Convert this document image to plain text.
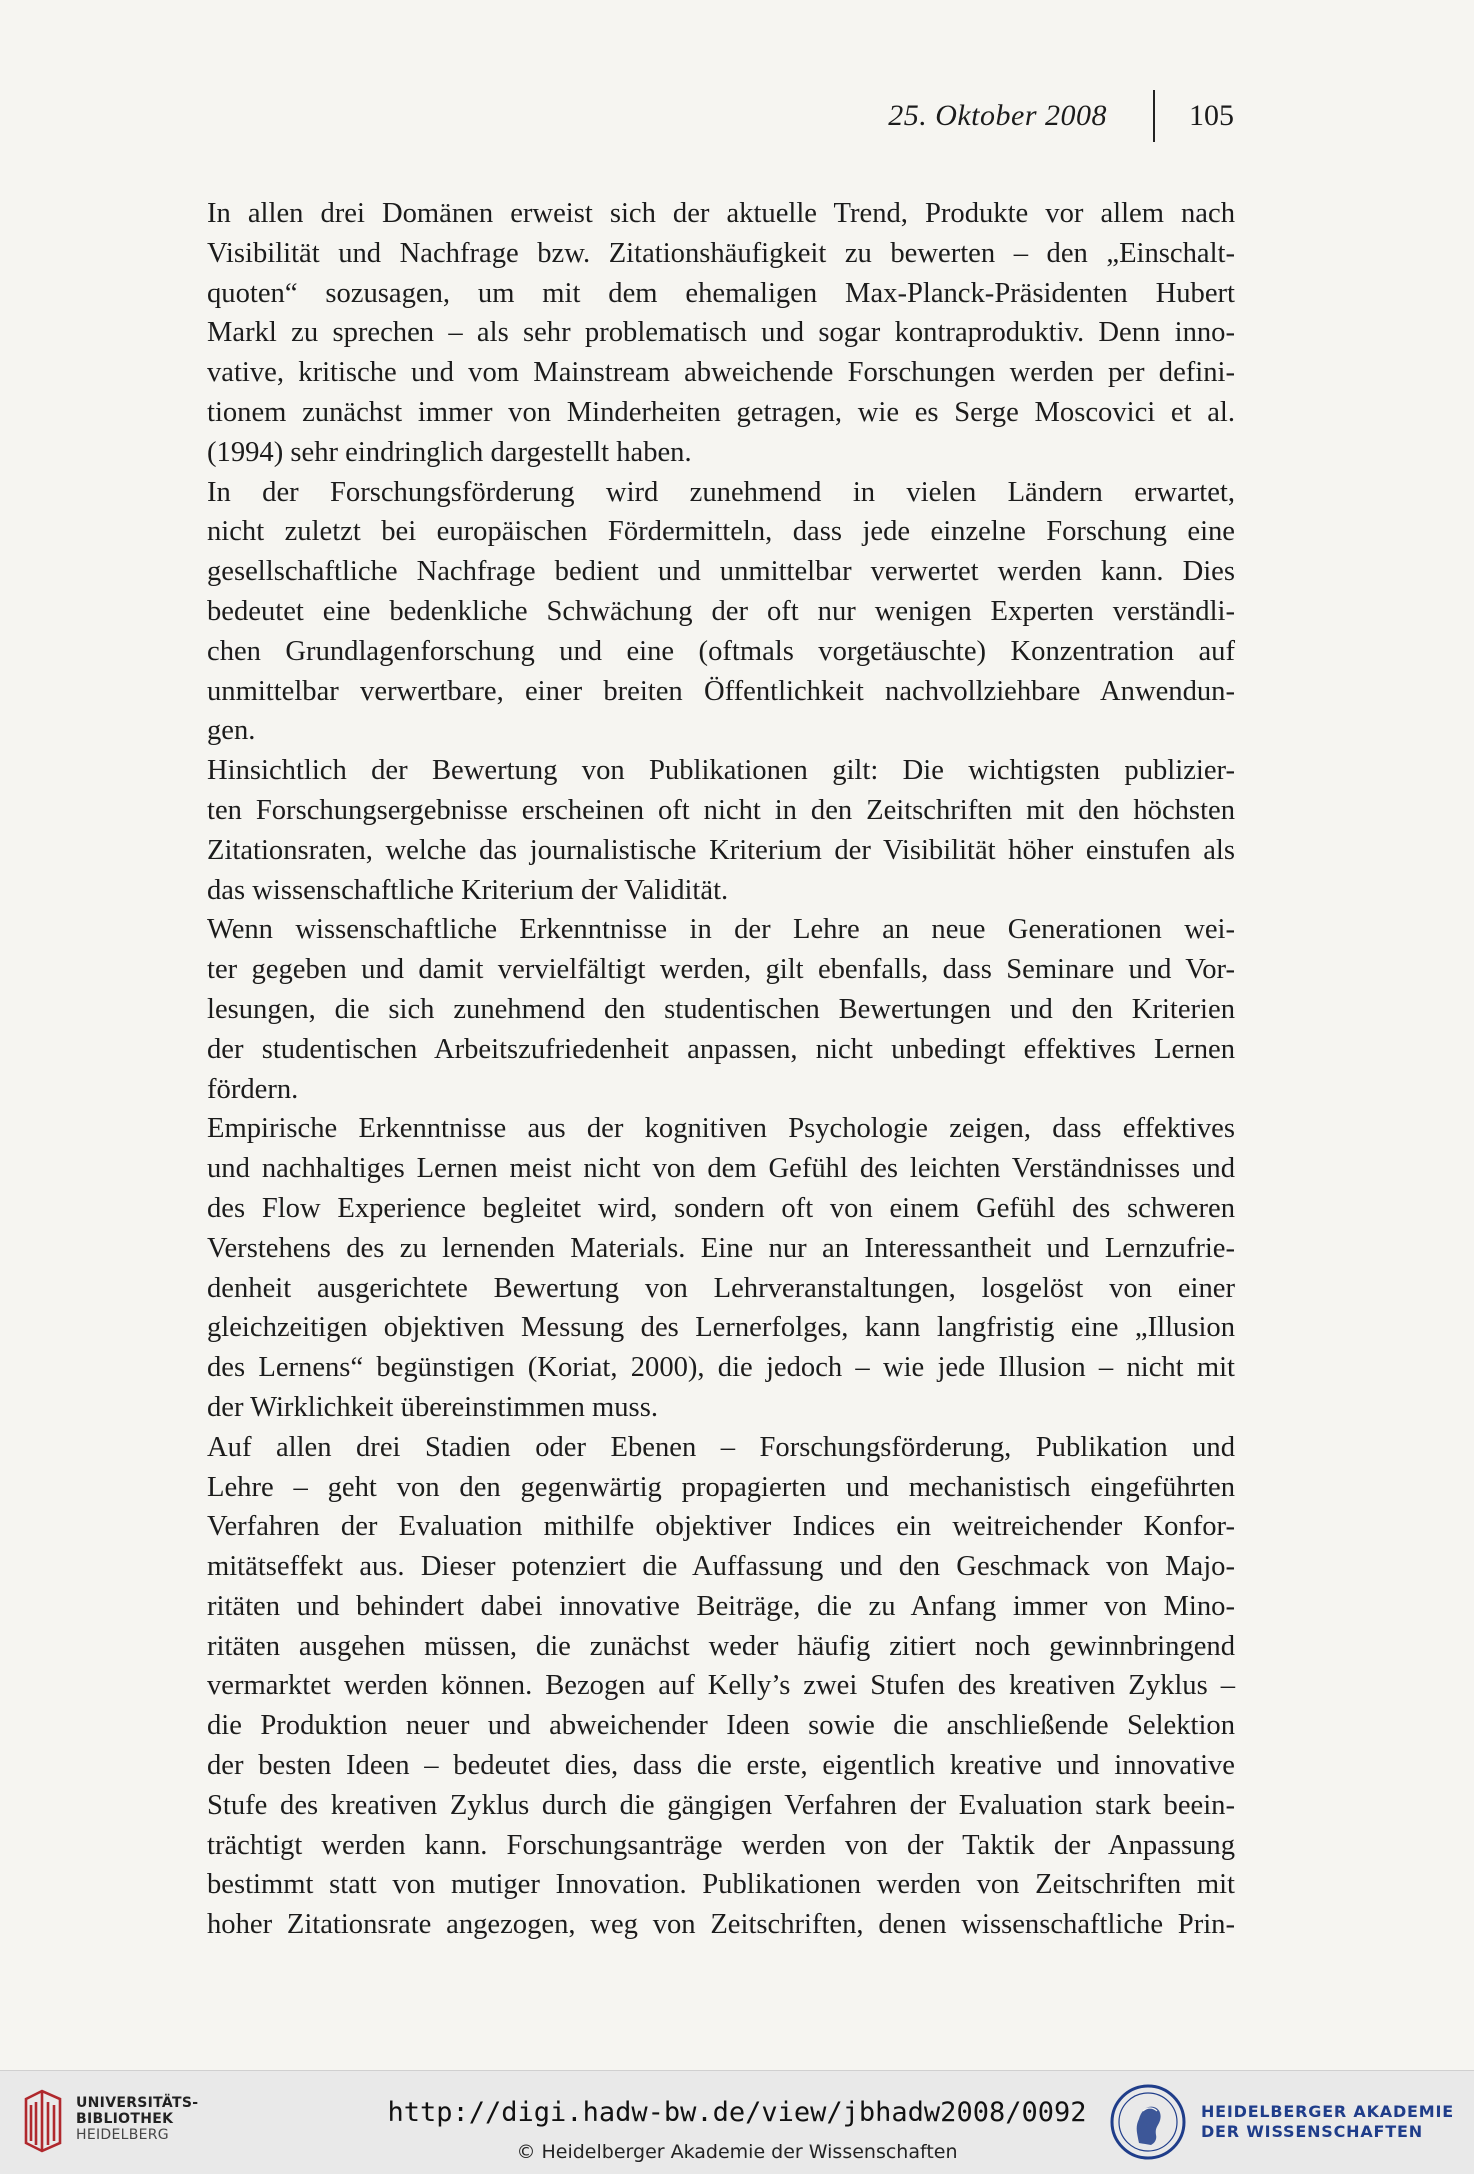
25. Oktober 2008	105

In allen drei Domänen erweist sich der aktuelle Trend, Produkte vor allem nach
Visibilität und Nachfrage bzw. Zitationshäufigkeit zu bewerten – den „Einschalt-
quoten“ sozusagen, um mit dem ehemaligen Max-Planck-Präsidenten Hubert
Markl zu sprechen – als sehr problematisch und sogar kontraproduktiv. Denn inno-
vative, kritische und vom Mainstream abweichende Forschungen werden per defini-
tionem zunächst immer von Minderheiten getragen, wie es Serge Moscovici et al.
(1994) sehr eindringlich dargestellt haben.

In der Forschungsförderung wird zunehmend in vielen Ländern erwartet,
nicht zuletzt bei europäischen Fördermitteln, dass jede einzelne Forschung eine
gesellschaftliche Nachfrage bedient und unmittelbar verwertet werden kann. Dies
bedeutet eine bedenkliche Schwächung der oft nur wenigen Experten verständli-
chen Grundlagenforschung und eine (oftmals vorgetäuschte) Konzentration auf
unmittelbar verwertbare, einer breiten Öffentlichkeit nachvollziehbare Anwendun-
gen.

Hinsichtlich der Bewertung von Publikationen gilt: Die wichtigsten publizier-
ten Forschungsergebnisse erscheinen oft nicht in den Zeitschriften mit den höchsten
Zitationsraten, welche das journalistische Kriterium der Visibilität höher einstufen als
das wissenschaftliche Kriterium der Validität.

Wenn wissenschaftliche Erkenntnisse in der Lehre an neue Generationen wei-
ter gegeben und damit vervielfältigt werden, gilt ebenfalls, dass Seminare und Vor-
lesungen, die sich zunehmend den studentischen Bewertungen und den Kriterien
der studentischen Arbeitszufriedenheit anpassen, nicht unbedingt effektives Lernen
fördern.

Empirische Erkenntnisse aus der kognitiven Psychologie zeigen, dass effektives
und nachhaltiges Lernen meist nicht von dem Gefühl des leichten Verständnisses und
des Flow Experience begleitet wird, sondern oft von einem Gefühl des schweren
Verstehens des zu lernenden Materials. Eine nur an Interessantheit und Lernzufrie-
denheit ausgerichtete Bewertung von Lehrveranstaltungen, losgelöst von einer
gleichzeitigen objektiven Messung des Lernerfolges, kann langfristig eine „Illusion
des Lernens“ begünstigen (Koriat, 2000), die jedoch – wie jede Illusion – nicht mit
der Wirklichkeit übereinstimmen muss.

Auf allen drei Stadien oder Ebenen – Forschungsförderung, Publikation und
Lehre – geht von den gegenwärtig propagierten und mechanistisch eingeführten
Verfahren der Evaluation mithilfe objektiver Indices ein weitreichender Konfor-
mitätseffekt aus. Dieser potenziert die Auffassung und den Geschmack von Majo-
ritäten und behindert dabei innovative Beiträge, die zu Anfang immer von Mino-
ritäten ausgehen müssen, die zunächst weder häufig zitiert noch gewinnbringend
vermarktet werden können. Bezogen auf Kelly’s zwei Stufen des kreativen Zyklus –
die Produktion neuer und abweichender Ideen sowie die anschließende Selektion
der besten Ideen – bedeutet dies, dass die erste, eigentlich kreative und innovative
Stufe des kreativen Zyklus durch die gängigen Verfahren der Evaluation stark beein-
trächtigt werden kann. Forschungsanträge werden von der Taktik der Anpassung
bestimmt statt von mutiger Innovation. Publikationen werden von Zeitschriften mit
hoher Zitationsrate angezogen, weg von Zeitschriften, denen wissenschaftliche Prin-

UNIVERSITÄTS-
BIBLIOTHEK
HEIDELBERG
http://digi.hadw-bw.de/view/jbhadw2008/0092
© Heidelberger Akademie der Wissenschaften
HEIDELBERGER AKADEMIE
DER WISSENSCHAFTEN
